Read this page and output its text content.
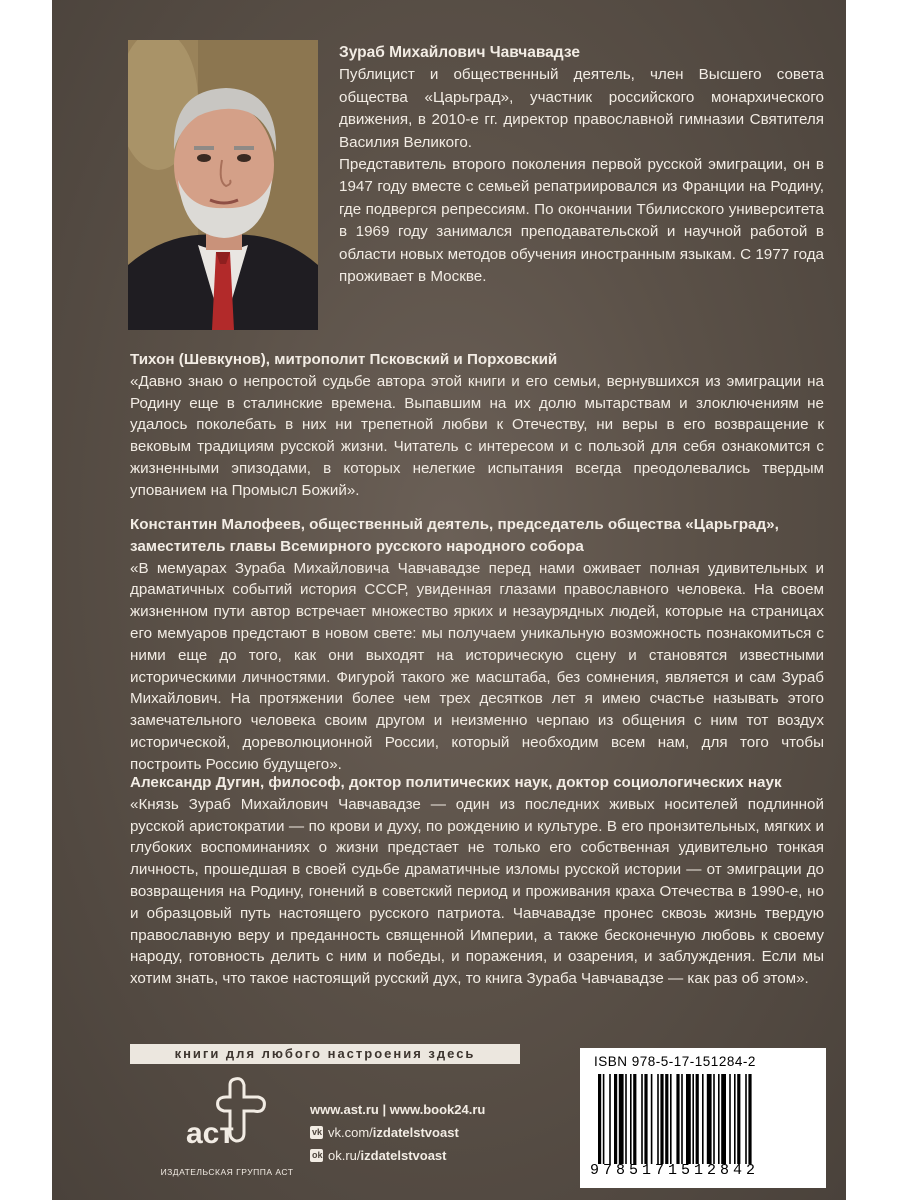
Зураб Михайлович Чавчавадзе

Публицист и общественный деятель, член Высшего совета общества «Царьград», участник российского монархического движения, в 2010-е гг. директор православной гимназии Святителя Василия Великого.

Представитель второго поколения первой русской эмиграции, он в 1947 году вместе с семьей репатриировался из Франции на Родину, где подвергся репрессиям. По окончании Тбилисского университета в 1969 году занимался преподавательской и научной работой в области новых методов обучения иностранным языкам. С 1977 года проживает в Москве.

Тихон (Шевкунов), митрополит Псковский и Порховский

«Давно знаю о непростой судьбе автора этой книги и его семьи, вернувшихся из эмиграции на Родину еще в сталинские времена. Выпавшим на их долю мытарствам и злоключениям не удалось поколебать в них ни трепетной любви к Отечеству, ни веры в его возвращение к вековым традициям русской жизни. Читатель с интересом и с пользой для себя ознакомится с жизненными эпизодами, в которых нелегкие испытания всегда преодолевались твердым упованием на Промысл Божий».

Константин Малофеев, общественный деятель, председатель общества «Царьград», заместитель главы Всемирного русского народного собора

«В мемуарах Зураба Михайловича Чавчавадзе перед нами оживает полная удивительных и драматичных событий история СССР, увиденная глазами православного человека. На своем жизненном пути автор встречает множество ярких и незаурядных людей, которые на страницах его мемуаров предстают в новом свете: мы получаем уникальную возможность познакомиться с ними еще до того, как они выходят на историческую сцену и становятся известными историческими личностями. Фигурой такого же масштаба, без сомнения, является и сам Зураб Михайлович. На протяжении более чем трех десятков лет я имею счастье называть этого замечательного человека своим другом и неизменно черпаю из общения с ним тот воздух исторической, дореволюционной России, который необходим всем нам, для того чтобы построить Россию будущего».

Александр Дугин, философ, доктор политических наук, доктор социологических наук

«Князь Зураб Михайлович Чавчавадзе — один из последних живых носителей подлинной русской аристократии — по крови и духу, по рождению и культуре. В его пронзительных, мягких и глубоких воспоминаниях о жизни предстает не только его собственная удивительно тонкая личность, прошедшая в своей судьбе драматичные изломы русской истории — от эмиграции до возвращения на Родину, гонений в советский период и проживания краха Отечества в 1990-е, но и образцовый путь настоящего русского патриота. Чавчавадзе пронес сквозь жизнь твердую православную веру и преданность священной Империи, а также бесконечную любовь к своему народу, готовность делить с ним и победы, и поражения, и озарения, и заблуждения. Если мы хотим знать, что такое настоящий русский дух, то книга Зураба Чавчавадзе — как раз об этом».

книги для любого настроения здесь
аст
ИЗДАТЕЛЬСКАЯ ГРУППА АСТ
www.ast.ru | www.book24.ru
vk vk.com/ izdatelstvoast
ok ok.ru/ izdatelstvoast
ISBN 978-5-17-151284-2
9785171512842
